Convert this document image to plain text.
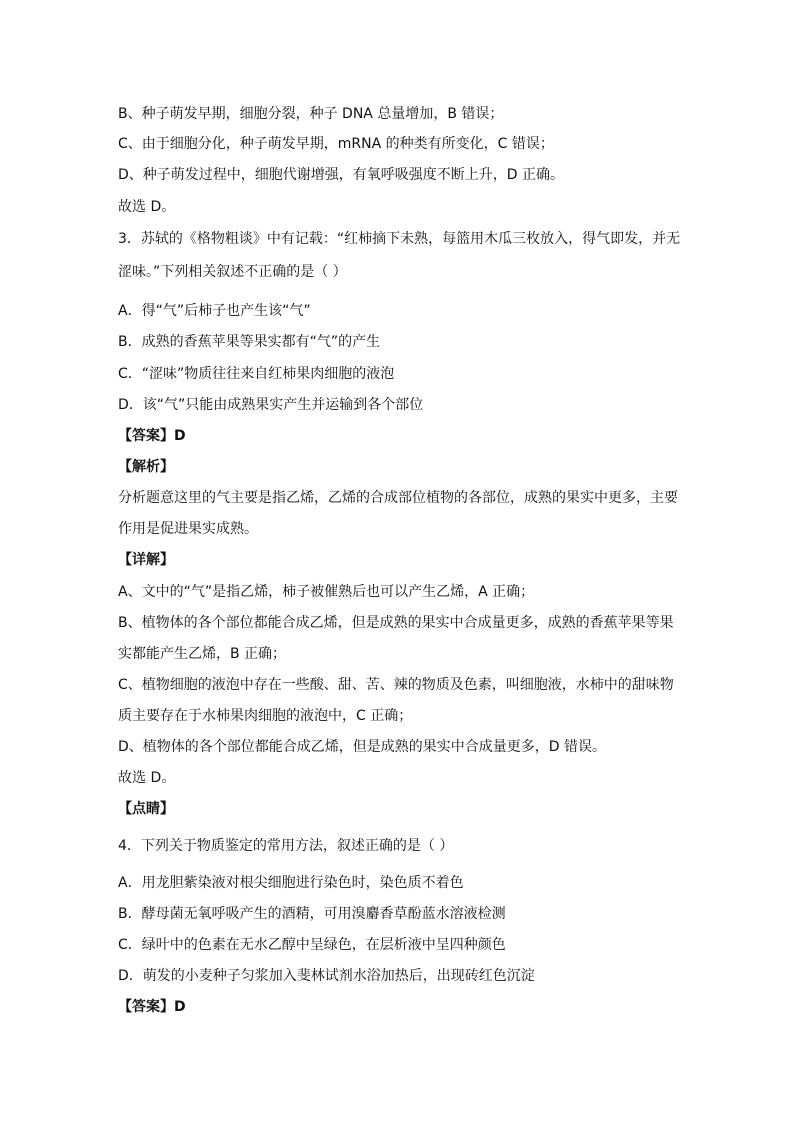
B、种子萌发早期，细胞分裂，种子 DNA 总量增加，B 错误；
C、由于细胞分化，种子萌发早期，mRNA 的种类有所变化，C 错误；
D、种子萌发过程中，细胞代谢增强，有氧呼吸强度不断上升，D 正确。
故选 D。
3．苏轼的《格物粗谈》中有记载：“红柿摘下未熟，每篮用木瓜三枚放入，得气即发，并无
涩味。”下列相关叙述不正确的是（ ）
A．得“气”后柿子也产生该“气”
B．成熟的香蕉苹果等果实都有“气”的产生
C．“涩味”物质往往来自红柿果肉细胞的液泡
D．该“气”只能由成熟果实产生并运输到各个部位
【答案】D
【解析】
分析题意这里的气主要是指乙烯，乙烯的合成部位植物的各部位，成熟的果实中更多，主要
作用是促进果实成熟。
【详解】
A、文中的“气”是指乙烯，柿子被催熟后也可以产生乙烯，A 正确；
B、植物体的各个部位都能合成乙烯，但是成熟的果实中合成量更多，成熟的香蕉苹果等果
实都能产生乙烯，B 正确；
C、植物细胞的液泡中存在一些酸、甜、苦、辣的物质及色素，叫细胞液，水柿中的甜味物
质主要存在于水柿果肉细胞的液泡中，C 正确；
D、植物体的各个部位都能合成乙烯，但是成熟的果实中合成量更多，D 错误。
故选 D。
【点睛】
4．下列关于物质鉴定的常用方法，叙述正确的是（ ）
A．用龙胆紫染液对根尖细胞进行染色时，染色质不着色
B．酵母菌无氧呼吸产生的酒精，可用溴麝香草酚蓝水溶液检测
C．绿叶中的色素在无水乙醇中呈绿色，在层析液中呈四种颜色
D．萌发的小麦种子匀浆加入斐林试剂水浴加热后，出现砖红色沉淀
【答案】D
